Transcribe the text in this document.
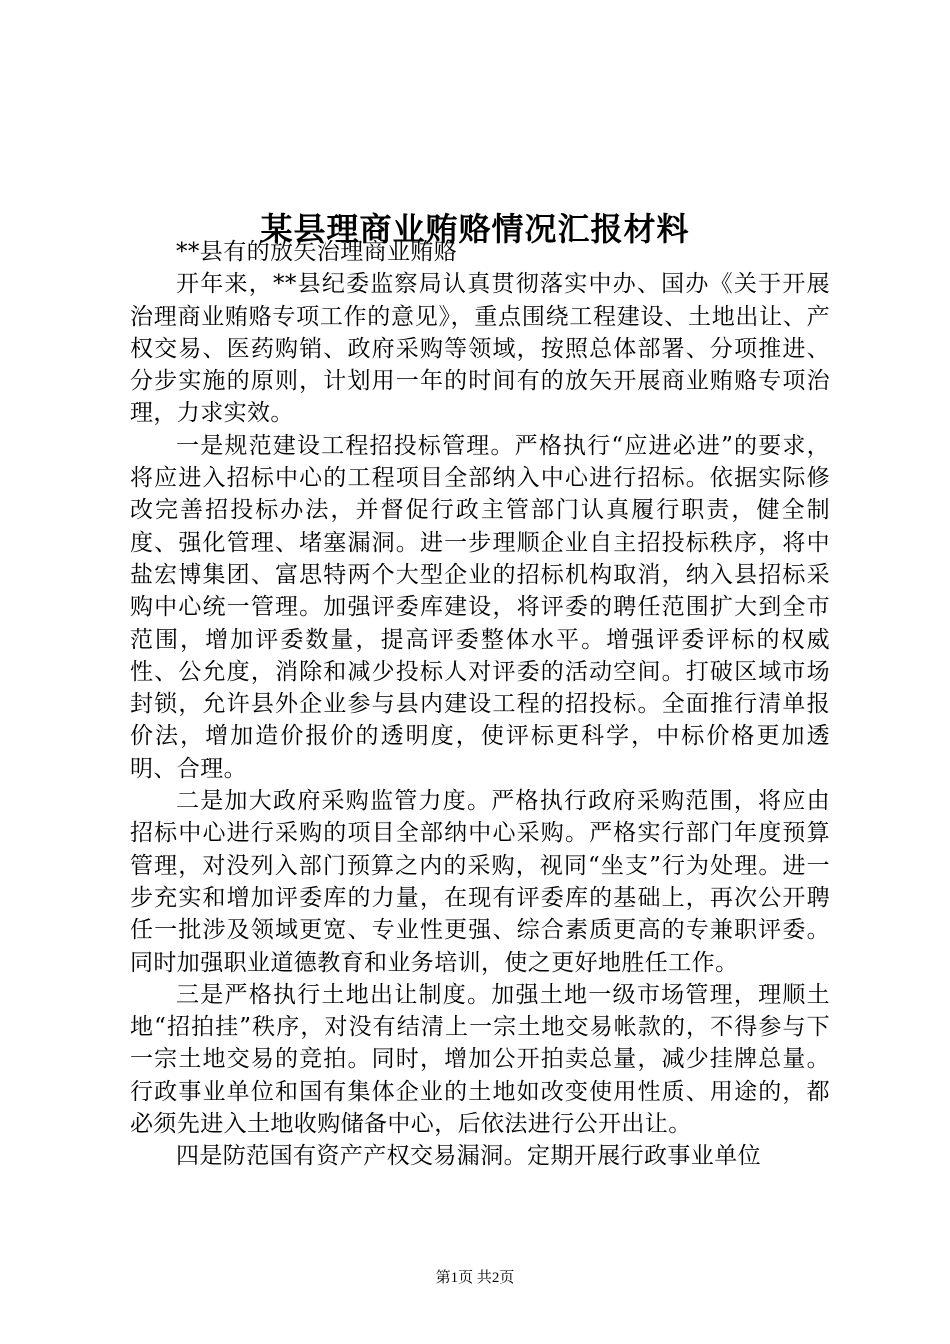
某县理商业贿赂情况汇报材料

**县有的放矢治理商业贿赂

开年来，**县纪委监察局认真贯彻落实中办、国办《关于开展治理商业贿赂专项工作的意见》，重点围绕工程建设、土地出让、产权交易、医药购销、政府采购等领域，按照总体部署、分项推进、分步实施的原则，计划用一年的时间有的放矢开展商业贿赂专项治理，力求实效。

一是规范建设工程招投标管理。严格执行“应进必进”的要求，将应进入招标中心的工程项目全部纳入中心进行招标。依据实际修改完善招投标办法，并督促行政主管部门认真履行职责，健全制度、强化管理、堵塞漏洞。进一步理顺企业自主招投标秩序，将中盐宏博集团、富思特两个大型企业的招标机构取消，纳入县招标采购中心统一管理。加强评委库建设，将评委的聘任范围扩大到全市范围，增加评委数量，提高评委整体水平。增强评委评标的权威性、公允度，消除和减少投标人对评委的活动空间。打破区域市场封锁，允许县外企业参与县内建设工程的招投标。全面推行清单报价法，增加造价报价的透明度，使评标更科学，中标价格更加透明、合理。

二是加大政府采购监管力度。严格执行政府采购范围，将应由招标中心进行采购的项目全部纳中心采购。严格实行部门年度预算管理，对没列入部门预算之内的采购，视同“坐支”行为处理。进一步充实和增加评委库的力量，在现有评委库的基础上，再次公开聘任一批涉及领域更宽、专业性更强、综合素质更高的专兼职评委。同时加强职业道德教育和业务培训，使之更好地胜任工作。

三是严格执行土地出让制度。加强土地一级市场管理，理顺土地“招拍挂”秩序，对没有结清上一宗土地交易帐款的，不得参与下一宗土地交易的竞拍。同时，增加公开拍卖总量，减少挂牌总量。行政事业单位和国有集体企业的土地如改变使用性质、用途的，都必须先进入土地收购储备中心，后依法进行公开出让。

四是防范国有资产产权交易漏洞。定期开展行政事业单位

第1页 共2页
